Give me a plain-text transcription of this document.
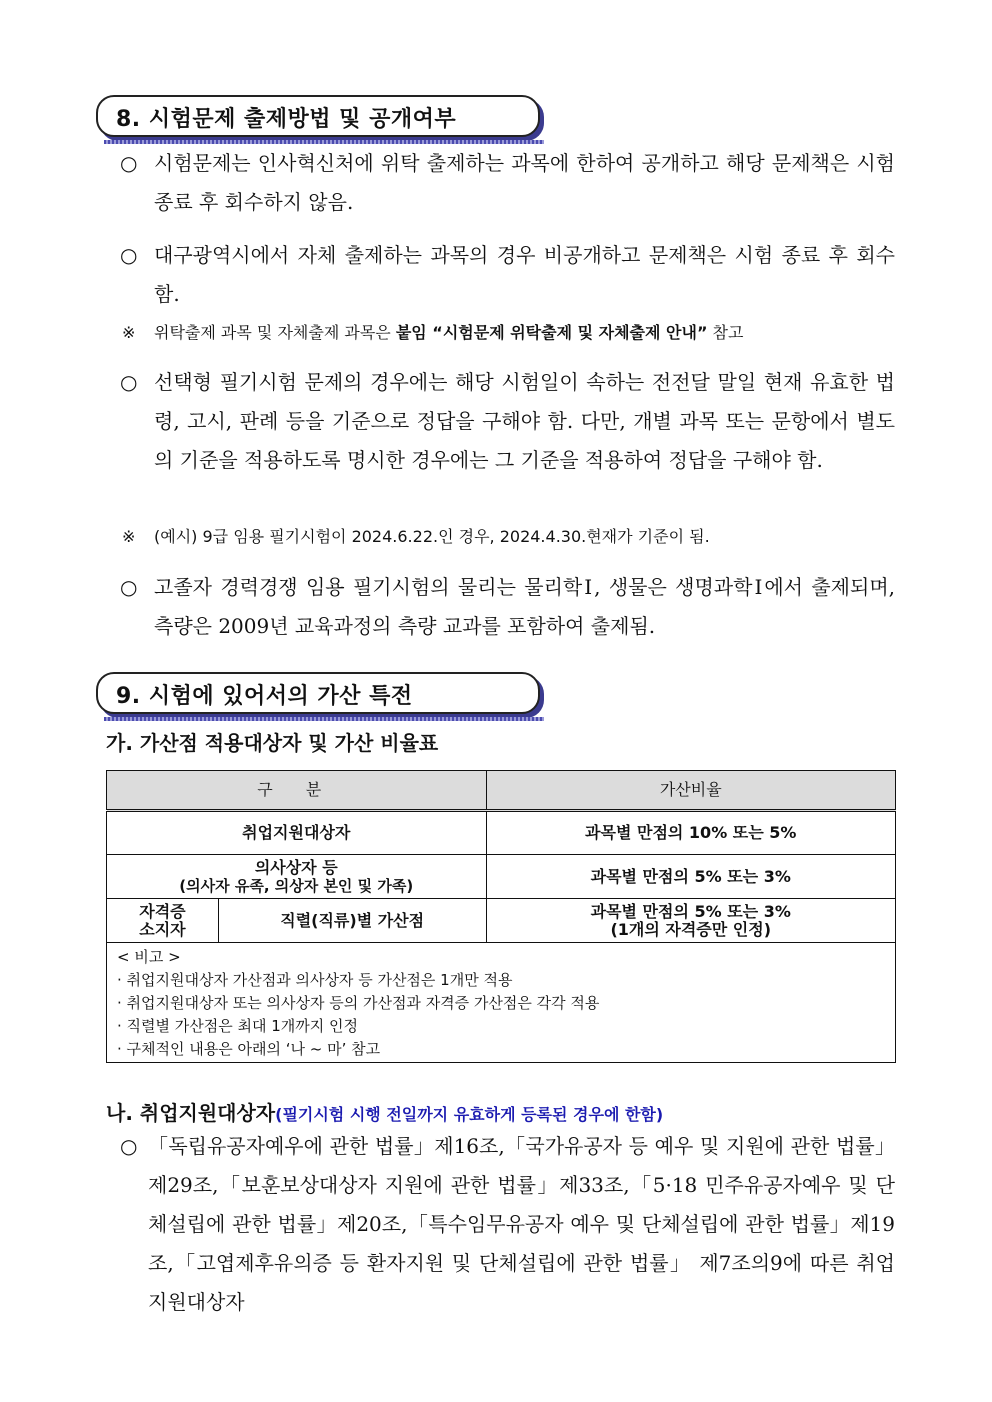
8. 시험문제 출제방법 및 공개여부
○ 시험문제는 인사혁신처에 위탁 출제하는 과목에 한하여 공개하고 해당 문제책은 시험종료 후 회수하지 않음.
○ 대구광역시에서 자체 출제하는 과목의 경우 비공개하고 문제책은 시험 종료 후 회수함.
※	위탁출제 과목 및 자체출제 과목은 붙임 “시험문제 위탁출제 및 자체출제 안내” 참고
○ 선택형 필기시험 문제의 경우에는 해당 시험일이 속하는 전전달 말일 현재 유효한 법령, 고시, 판례 등을 기준으로 정답을 구해야 함. 다만, 개별 과목 또는 문항에서 별도의 기준을 적용하도록 명시한 경우에는 그 기준을 적용하여 정답을 구해야 함.
※	(예시) 9급 임용 필기시험이 2024.6.22.인 경우, 2024.4.30.현재가 기준이 됨.
○ 고졸자 경력경쟁 임용 필기시험의 물리는 물리학Ⅰ, 생물은 생명과학Ⅰ에서 출제되며, 측량은 2009년 교육과정의 측량 교과를 포함하여 출제됨.
9. 시험에 있어서의 가산 특전
가. 가산점 적용대상자 및 가산 비율표
구 분		가산비율
취업지원대상자		과목별 만점의 10% 또는 5%

의사상자 등
(의사자 유족, 의상자 본인 및 가족)		과목별 만점의 5% 또는 3%

자격증
소지자	직렬(직류)별 가산점	과목별 만점의 5% 또는 3%
(1개의 자격증만 인정)

< 비고 >
‧ 취업지원대상자 가산점과 의사상자 등 가산점은 1개만 적용
‧ 취업지원대상자 또는 의사상자 등의 가산점과 자격증 가산점은 각각 적용
‧ 직렬별 가산점은 최대 1개까지 인정
‧ 구체적인 내용은 아래의 ‘나 ~ 마’ 참고		
나. 취업지원대상자(필기시험 시행 전일까지 유효하게 등록된 경우에 한함)
○ 「독립유공자예우에 관한 법률」제16조,「국가유공자 등 예우 및 지원에 관한 법률」제29조,「보훈보상대상자 지원에 관한 법률」제33조,「5·18 민주유공자예우 및 단체설립에 관한 법률」제20조,「특수임무유공자 예우 및 단체설립에 관한 법률」제19조,「고엽제후유의증 등 환자지원 및 단체설립에 관한 법률」 제7조의9에 따른 취업지원대상자
